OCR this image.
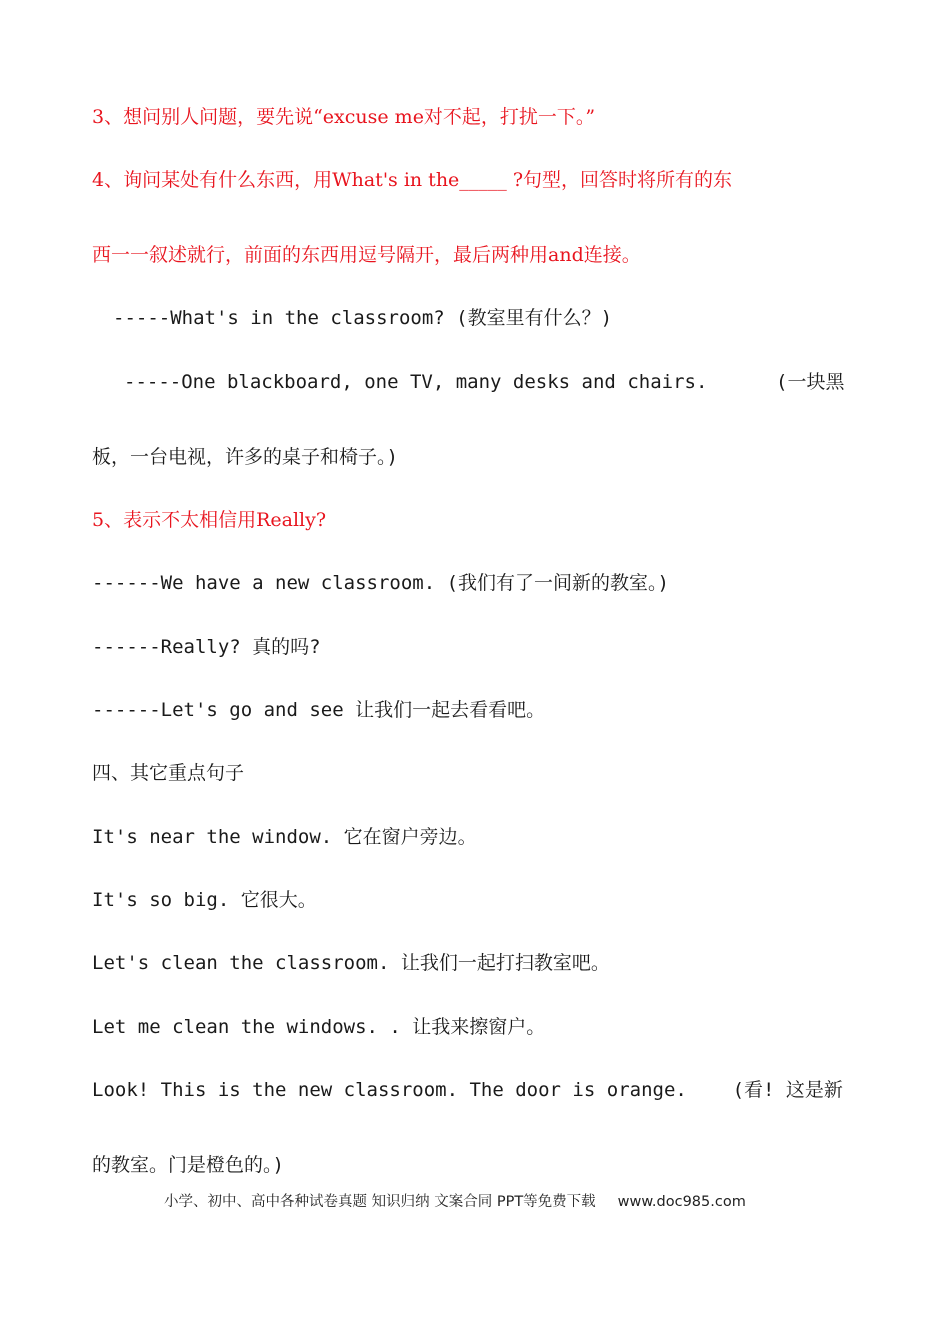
3、想问别人问题，要先说“excuse me对不起，打扰一下。”
4、询问某处有什么东西，用What's in the_____ ?句型，回答时将所有的东
西一一叙述就行，前面的东西用逗号隔开，最后两种用and连接。
-----What's in the classroom? (教室里有什么？)
-----One blackboard, one TV, many desks and chairs.      (一块黑
板，一台电视，许多的桌子和椅子。)
5、表示不太相信用Really?
------We have a new classroom. (我们有了一间新的教室。)
------Really? 真的吗?
------Let's go and see 让我们一起去看看吧。
四、其它重点句子
It's near the window. 它在窗户旁边。
It's so big. 它很大。
Let's clean the classroom. 让我们一起打扫教室吧。
Let me clean the windows. . 让我来擦窗户。
Look! This is the new classroom. The door is orange.    (看! 这是新
的教室。门是橙色的。)
小学、初中、高中各种试卷真题 知识归纳 文案合同 PPT等免费下载 www.doc985.com
